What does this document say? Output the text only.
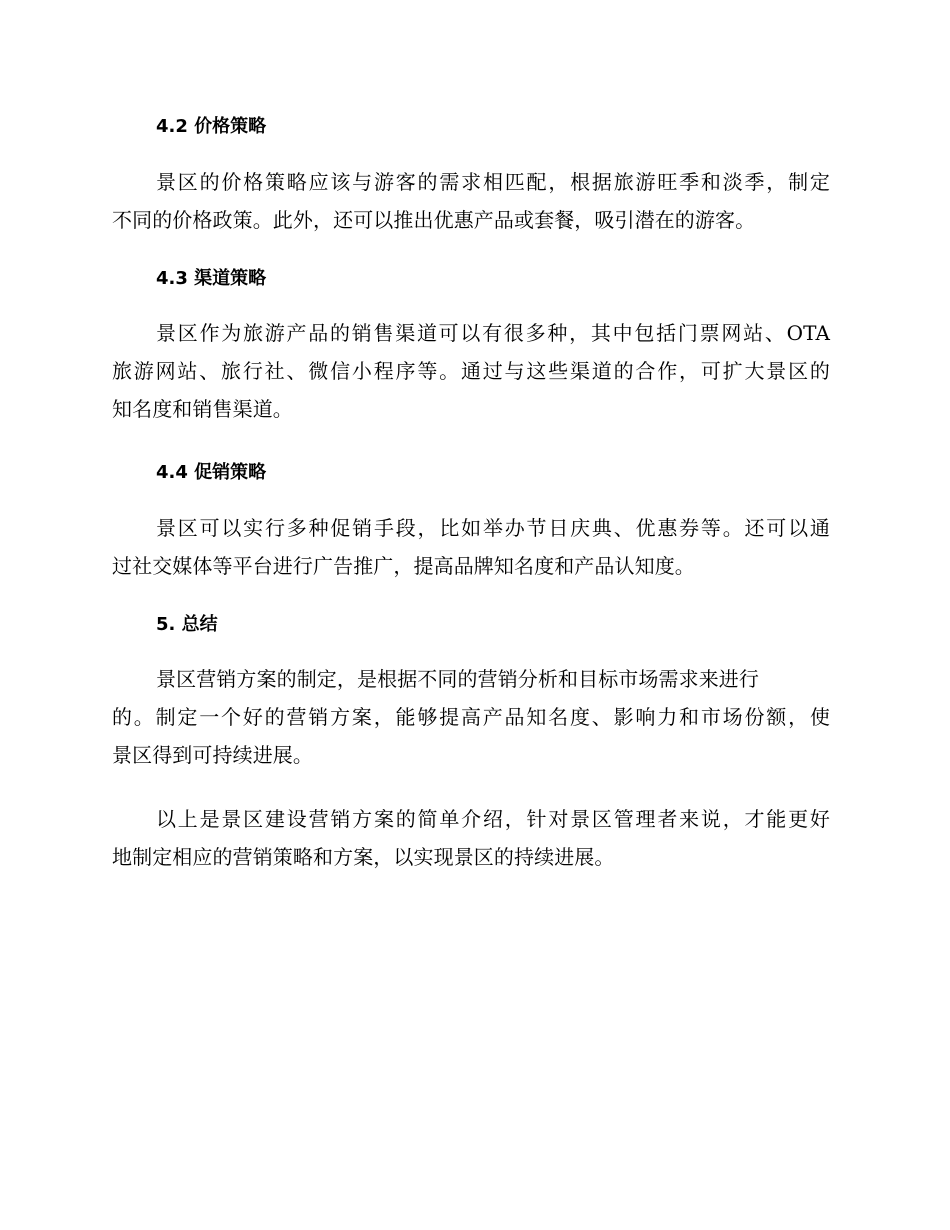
4.2 价格策略
景区的价格策略应该与游客的需求相匹配，根据旅游旺季和淡季，制定
不同的价格政策。此外，还可以推出优惠产品或套餐，吸引潜在的游客。
4.3 渠道策略
景区作为旅游产品的销售渠道可以有很多种，其中包括门票网站、OTA
旅游网站、旅行社、微信小程序等。通过与这些渠道的合作，可扩大景区的
知名度和销售渠道。
4.4 促销策略
景区可以实行多种促销手段，比如举办节日庆典、优惠券等。还可以通
过社交媒体等平台进行广告推广，提高品牌知名度和产品认知度。
5. 总结
景区营销方案的制定，是根据不同的营销分析和目标市场需求来进行
的。制定一个好的营销方案，能够提高产品知名度、影响力和市场份额，使
景区得到可持续进展。
以上是景区建设营销方案的简单介绍，针对景区管理者来说，才能更好
地制定相应的营销策略和方案，以实现景区的持续进展。
